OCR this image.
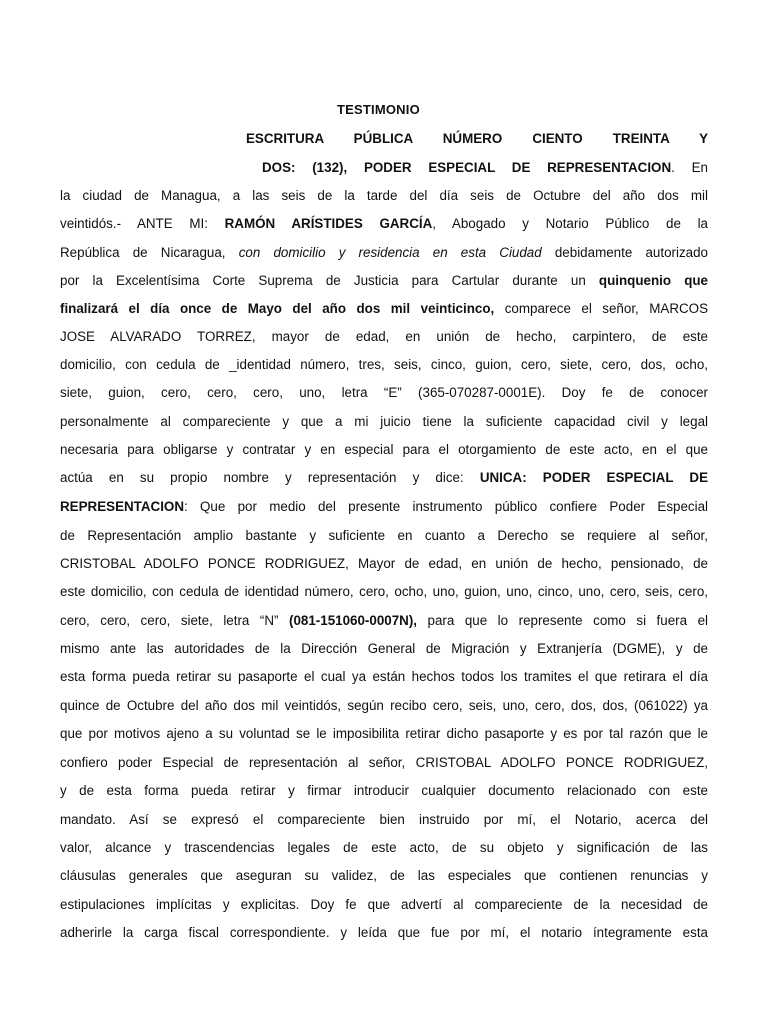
TESTIMONIO
ESCRITURA PÚBLICA NÚMERO CIENTO TREINTA Y
DOS: (132), PODER ESPECIAL DE REPRESENTACION. En
la ciudad de Managua, a las seis de la tarde del día seis de Octubre del año dos mil
veintidós.- ANTE MI: RAMÓN ARÍSTIDES GARCÍA, Abogado y Notario Público de la
República de Nicaragua, con domicilio y residencia en esta Ciudad debidamente autorizado
por la Excelentísima Corte Suprema de Justicia para Cartular durante un quinquenio que
finalizará el día once de Mayo del año dos mil veinticinco, comparece el señor, MARCOS
JOSE ALVARADO TORREZ, mayor de edad, en unión de hecho, carpintero, de este
domicilio, con cedula de _identidad número, tres, seis, cinco, guion, cero, siete, cero, dos, ocho,
siete, guion, cero, cero, cero, uno, letra “E” (365-070287-0001E). Doy fe de conocer
personalmente al compareciente y que a mi juicio tiene la suficiente capacidad civil y legal
necesaria para obligarse y contratar y en especial para el otorgamiento de este acto, en el que
actúa en su propio nombre y representación y dice: UNICA: PODER ESPECIAL DE
REPRESENTACION: Que por medio del presente instrumento público confiere Poder Especial
de Representación amplio bastante y suficiente en cuanto a Derecho se requiere al señor,
CRISTOBAL ADOLFO PONCE RODRIGUEZ, Mayor de edad, en unión de hecho, pensionado, de
este domicilio, con cedula de identidad número, cero, ocho, uno, guion, uno, cinco, uno, cero, seis, cero,
cero, cero, cero, siete, letra “N” (081-151060-0007N), para que lo represente como si fuera el
mismo ante las autoridades de la Dirección General de Migración y Extranjería (DGME), y de
esta forma pueda retirar su pasaporte el cual ya están hechos todos los tramites el que retirara el día
quince de Octubre del año dos mil veintidós, según recibo cero, seis, uno, cero, dos, dos, (061022) ya
que por motivos ajeno a su voluntad se le imposibilita retirar dicho pasaporte y es por tal razón que le
confiero poder Especial de representación al señor, CRISTOBAL ADOLFO PONCE RODRIGUEZ,
y de esta forma pueda retirar y firmar introducir cualquier documento relacionado con este
mandato. Así se expresó el compareciente bien instruido por mí, el Notario, acerca del
valor, alcance y trascendencias legales de este acto, de su objeto y significación de las
cláusulas generales que aseguran su validez, de las especiales que contienen renuncias y
estipulaciones implícitas y explicitas. Doy fe que advertí al compareciente de la necesidad de
adherirle la carga fiscal correspondiente. y leída que fue por mí, el notario íntegramente esta
